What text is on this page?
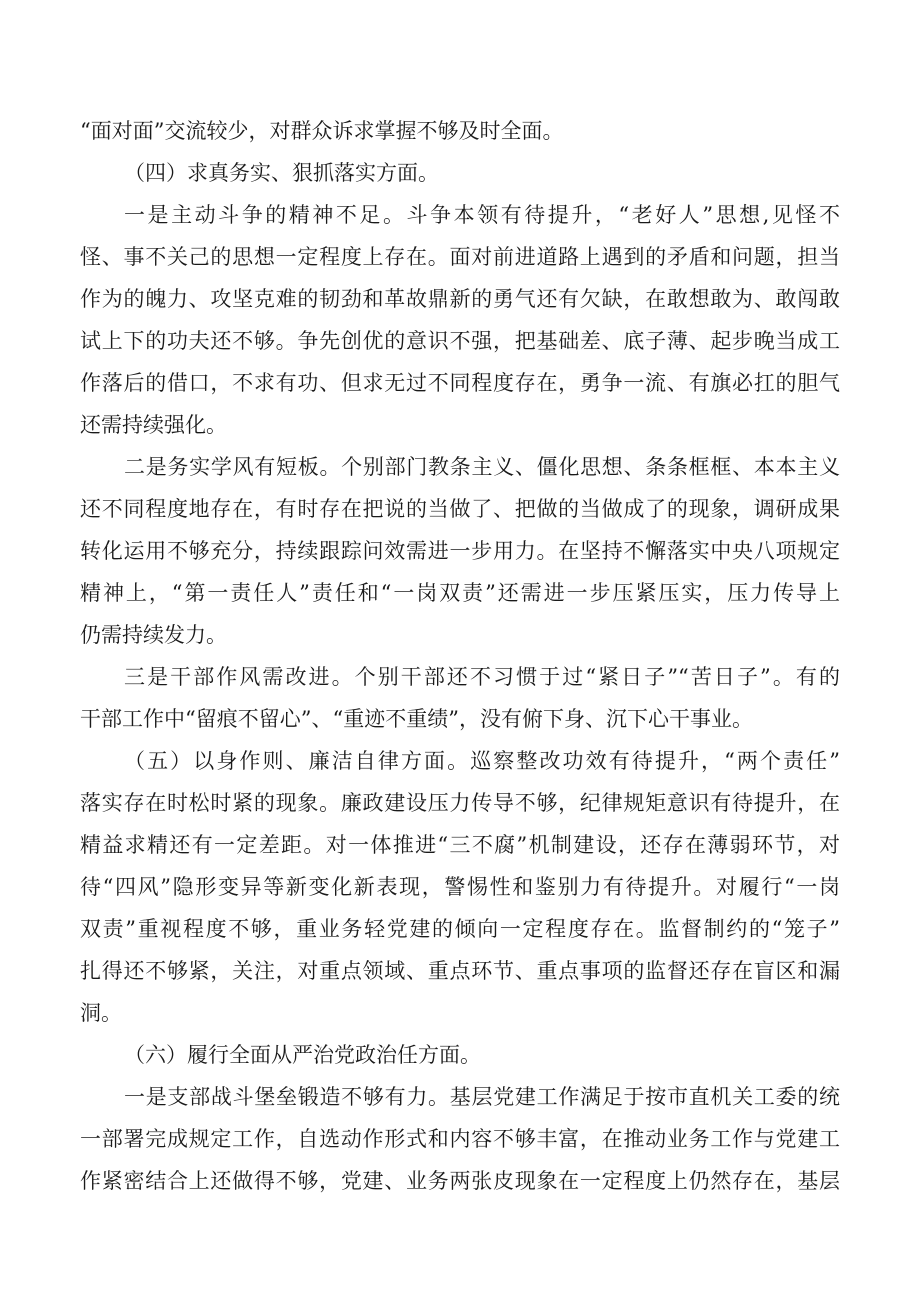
“面对面”交流较少，对群众诉求掌握不够及时全面。
（四）求真务实、狠抓落实方面。
一是主动斗争的精神不足。斗争本领有待提升，“老好人”思想,见怪不
怪、事不关己的思想一定程度上存在。面对前进道路上遇到的矛盾和问题，担当
作为的魄力、攻坚克难的韧劲和革故鼎新的勇气还有欠缺，在敢想敢为、敢闯敢
试上下的功夫还不够。争先创优的意识不强，把基础差、底子薄、起步晚当成工
作落后的借口，不求有功、但求无过不同程度存在，勇争一流、有旗必扛的胆气
还需持续强化。
二是务实学风有短板。个别部门教条主义、僵化思想、条条框框、本本主义
还不同程度地存在，有时存在把说的当做了、把做的当做成了的现象，调研成果
转化运用不够充分，持续跟踪问效需进一步用力。在坚持不懈落实中央八项规定
精神上，“第一责任人”责任和“一岗双责”还需进一步压紧压实，压力传导上
仍需持续发力。
三是干部作风需改进。个别干部还不习惯于过“紧日子”“苦日子”。有的
干部工作中“留痕不留心”、“重迹不重绩”，没有俯下身、沉下心干事业。
（五）以身作则、廉洁自律方面。巡察整改功效有待提升，“两个责任”
落实存在时松时紧的现象。廉政建设压力传导不够，纪律规矩意识有待提升，在
精益求精还有一定差距。对一体推进“三不腐”机制建设，还存在薄弱环节，对
待“四风”隐形变异等新变化新表现，警惕性和鉴别力有待提升。对履行“一岗
双责”重视程度不够，重业务轻党建的倾向一定程度存在。监督制约的“笼子”
扎得还不够紧，关注，对重点领域、重点环节、重点事项的监督还存在盲区和漏
洞。
（六）履行全面从严治党政治任方面。
一是支部战斗堡垒锻造不够有力。基层党建工作满足于按市直机关工委的统
一部署完成规定工作，自选动作形式和内容不够丰富，在推动业务工作与党建工
作紧密结合上还做得不够，党建、业务两张皮现象在一定程度上仍然存在，基层
